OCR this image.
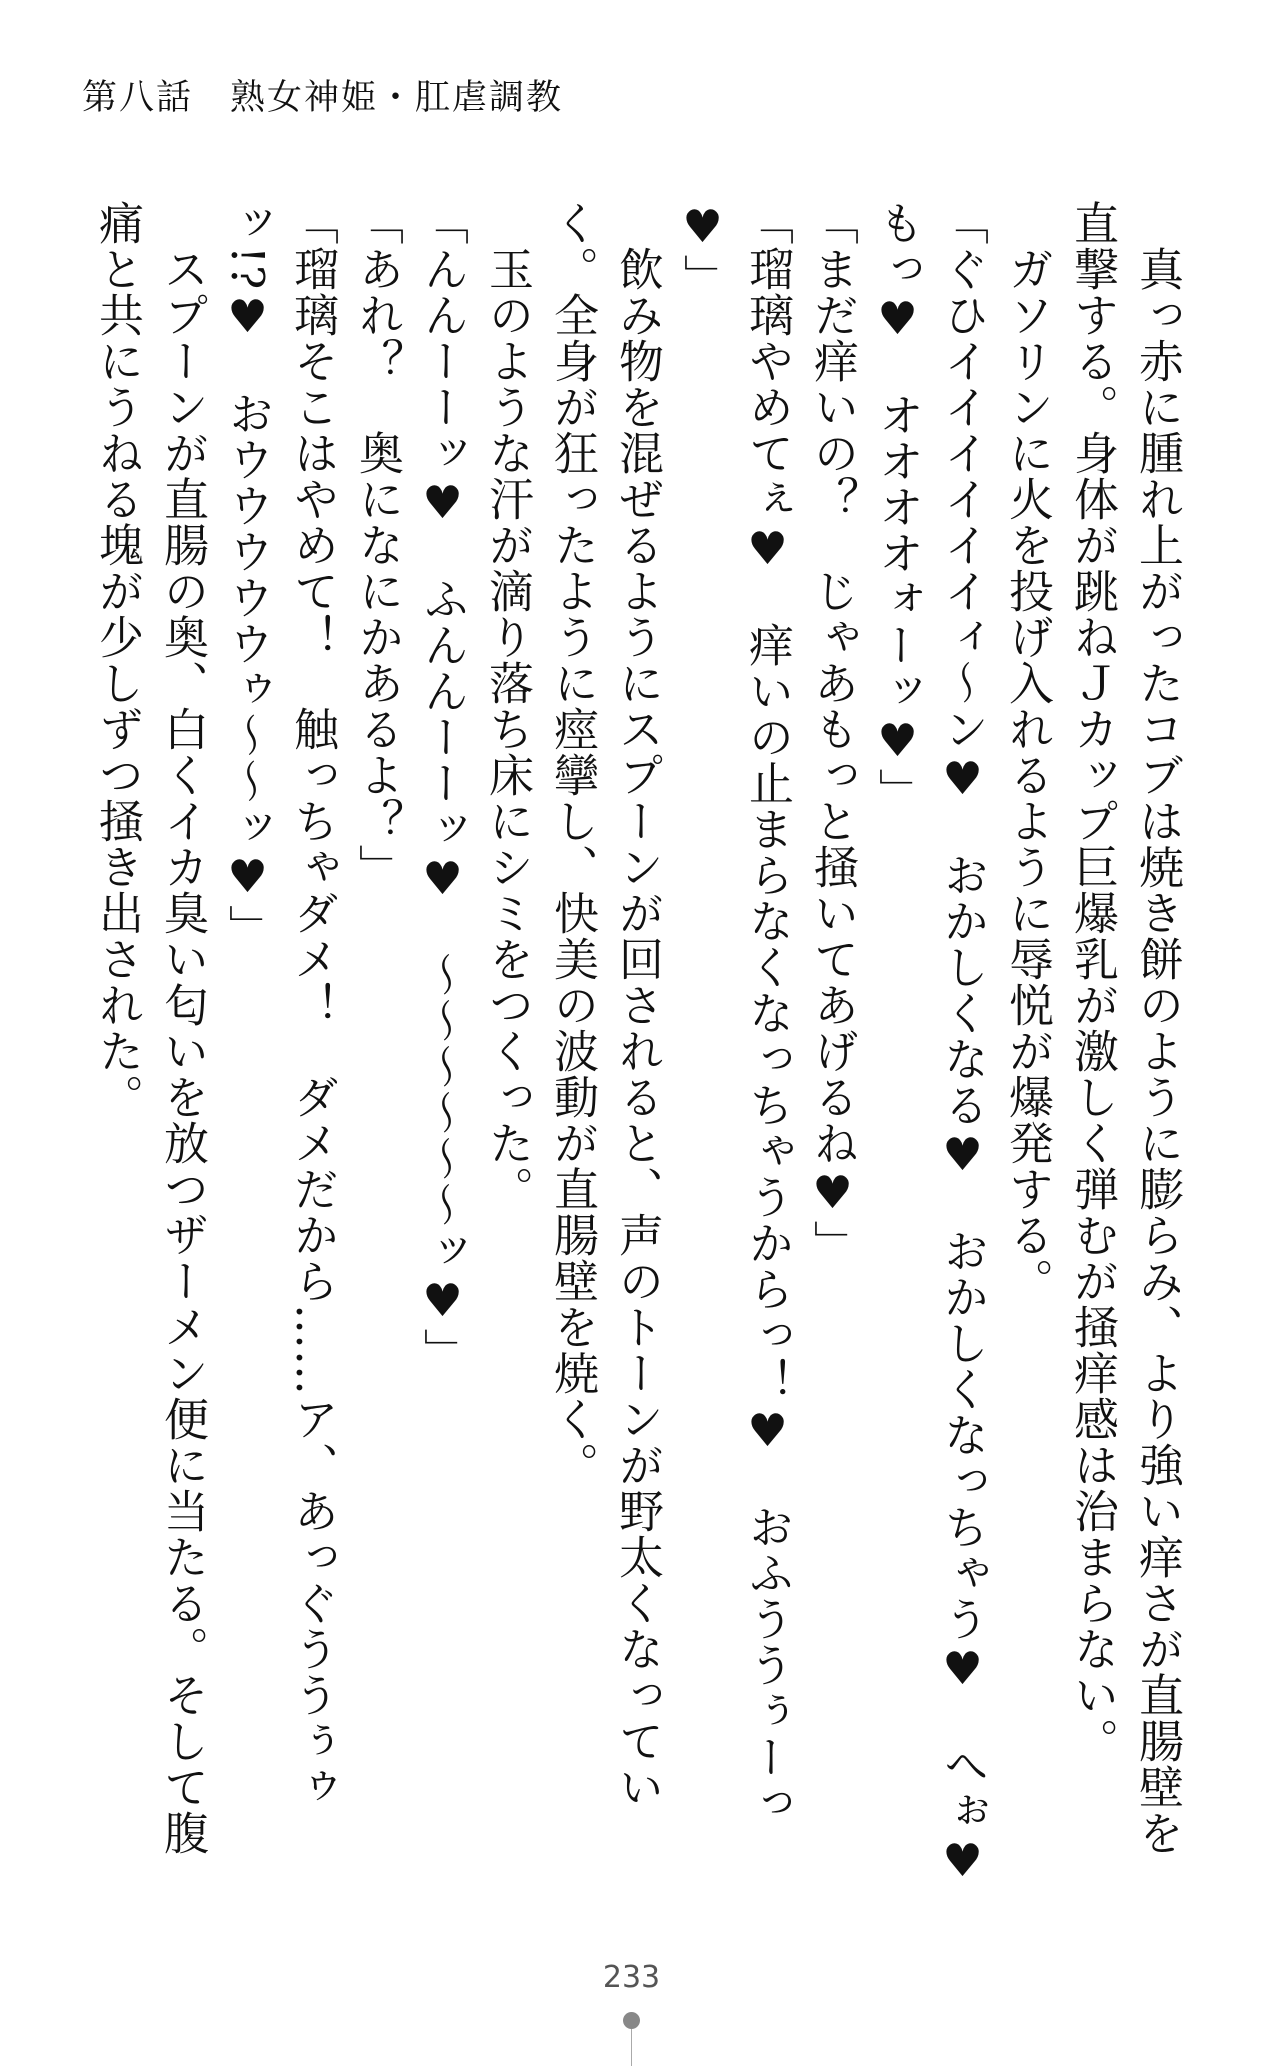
第八話　熟女神姫・肛虐調教

　真っ赤に腫れ上がったコブは焼き餅のように膨らみ、より強い痒さが直腸壁を直撃する。身体が跳ねＪカップ巨爆乳が激しく弾むが掻痒感は治まらない。

　ガソリンに火を投げ入れるように辱悦が爆発する。

「ぐひイイイイイイィ～ン♥　おかしくなる♥　おかしくなっちゃう♥　へぉ♥　もっ♥　オオオオォーッ♥」

「まだ痒いの？　じゃあもっと掻いてあげるね♥」

「瑠璃やめてぇ♥　痒いの止まらなくなっちゃうからっ！♥　おふううぅーっ♥」

　飲み物を混ぜるようにスプーンが回されると、声のトーンが野太くなっていく。全身が狂ったように痙攣し、快美の波動が直腸壁を焼く。

　玉のような汗が滴り落ち床にシミをつくった。

「んんーーッ♥　ふんんーーッ♥　～～～～～～ッ♥」

「あれ？　奥になにかあるよ？」

「瑠璃そこはやめて！　触っちゃダメ！　ダメだから……ア、あっぐううぅゥッ!?♥　おウウウウウゥ～～ッ♥」

　スプーンが直腸の奥、白くイカ臭い匂いを放つザーメン便に当たる。そして腹痛と共にうねる塊が少しずつ掻き出された。

233
